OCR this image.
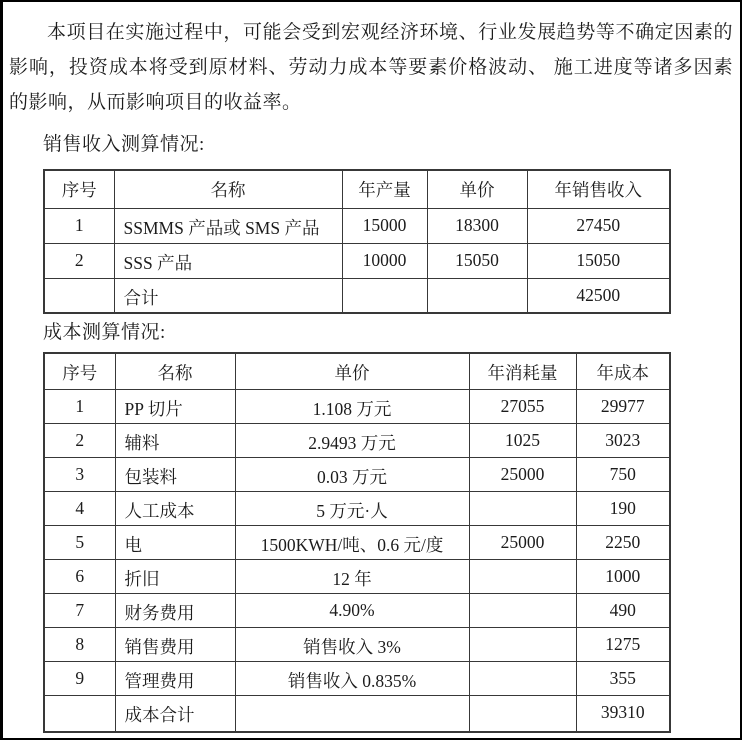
本项目在实施过程中，可能会受到宏观经济环境、行业发展趋势等不确定因素的影响，投资成本将受到原材料、劳动力成本等要素价格波动、 施工进度等诸多因素的影响，从而影响项目的收益率。

销售收入测算情况:
序号	名称	年产量	单价	年销售收入
1	SSMMS 产品或 SMS 产品	15000	18300	27450
2	SSS 产品	10000	15050	15050
	合计			42500
成本测算情况:
序号	名称	单价	年消耗量	年成本
1	PP 切片	1.108 万元	27055	29977
2	辅料	2.9493 万元	1025	3023
3	包装料	0.03 万元	25000	750
4	人工成本	5 万元·人		190
5	电	1500KWH/吨、0.6 元/度	25000	2250
6	折旧	12 年		1000
7	财务费用	4.90%		490
8	销售费用	销售收入 3%		1275
9	管理费用	销售收入 0.835%		355
	成本合计			39310
